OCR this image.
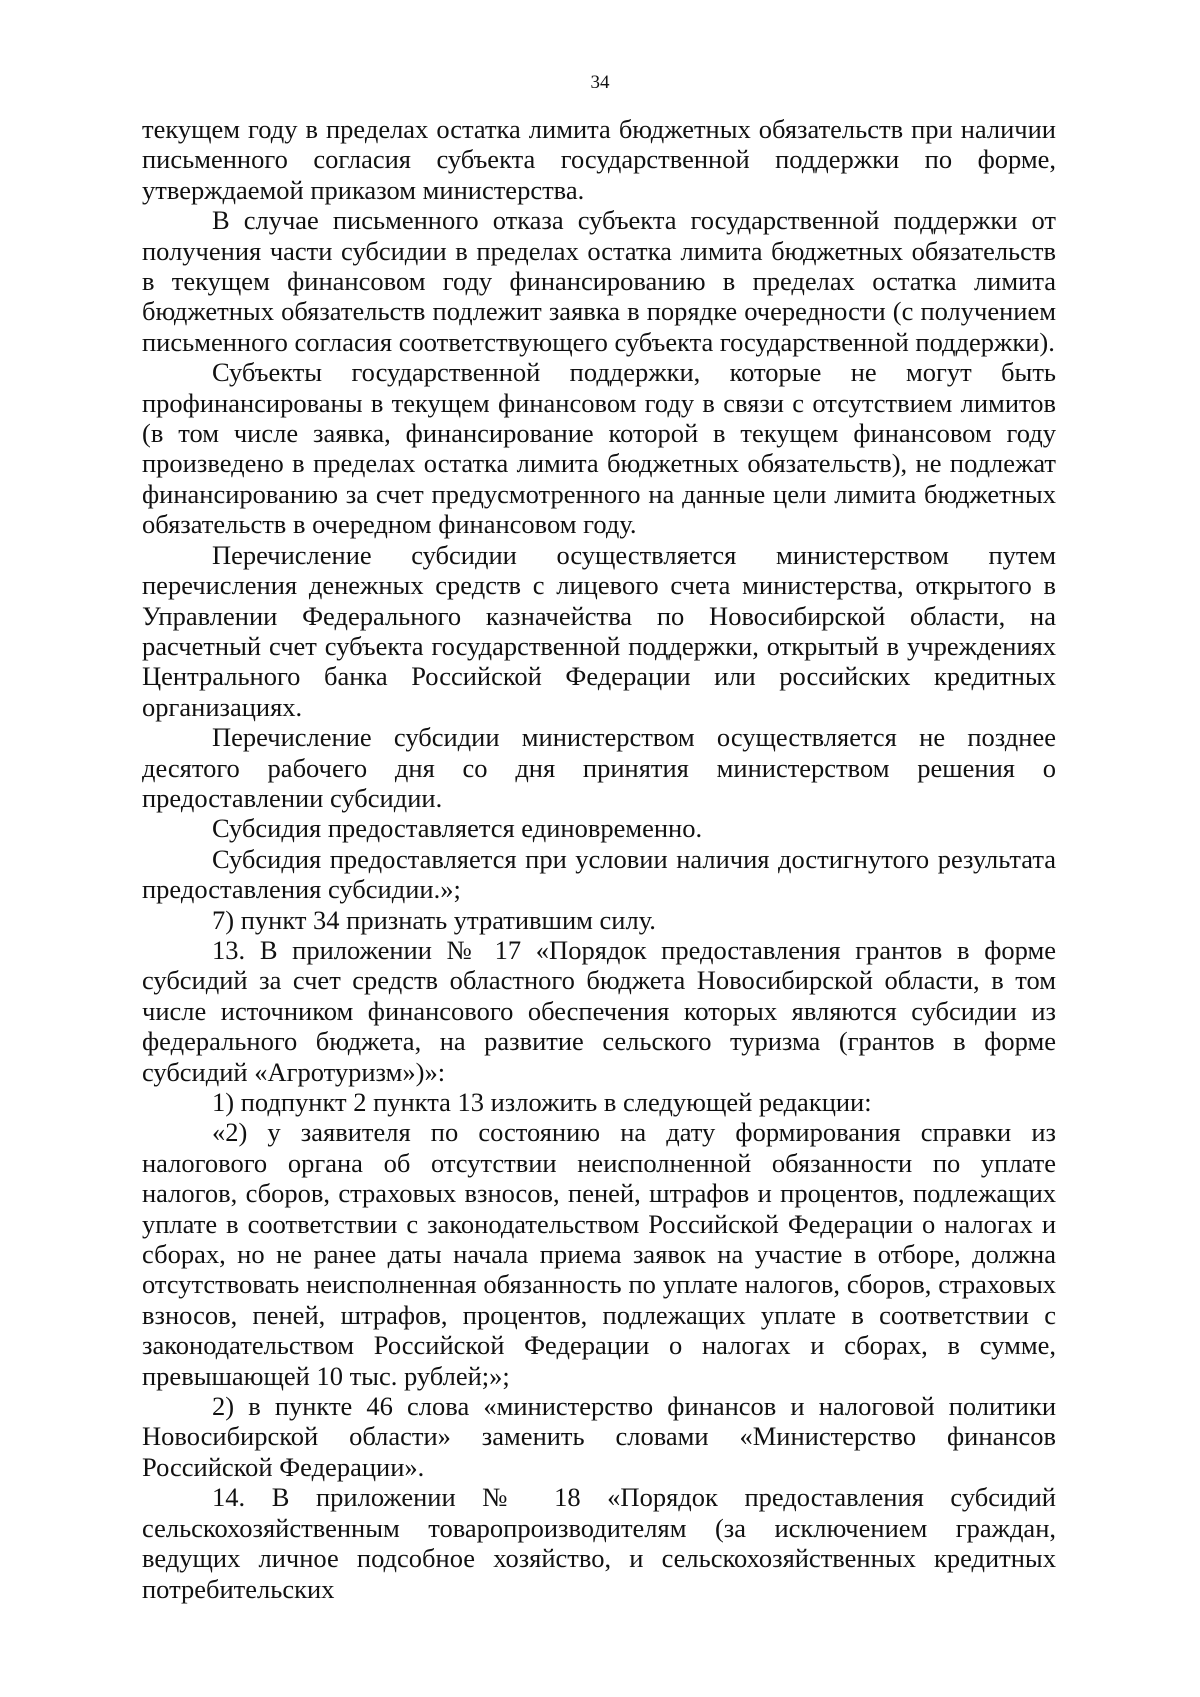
34

текущем году в пределах остатка лимита бюджетных обязательств при наличии письменного согласия субъекта государственной поддержки по форме, утверждаемой приказом министерства.

В случае письменного отказа субъекта государственной поддержки от получения части субсидии в пределах остатка лимита бюджетных обязательств в текущем финансовом году финансированию в пределах остатка лимита бюджетных обязательств подлежит заявка в порядке очередности (с получением письменного согласия соответствующего субъекта государственной поддержки).

Субъекты государственной поддержки, которые не могут быть профинансированы в текущем финансовом году в связи с отсутствием лимитов (в том числе заявка, финансирование которой в текущем финансовом году произведено в пределах остатка лимита бюджетных обязательств), не подлежат финансированию за счет предусмотренного на данные цели лимита бюджетных обязательств в очередном финансовом году.

Перечисление субсидии осуществляется министерством путем перечисления денежных средств с лицевого счета министерства, открытого в Управлении Федерального казначейства по Новосибирской области, на расчетный счет субъекта государственной поддержки, открытый в учреждениях Центрального банка Российской Федерации или российских кредитных организациях.

Перечисление субсидии министерством осуществляется не позднее десятого рабочего дня со дня принятия министерством решения о предоставлении субсидии.

Субсидия предоставляется единовременно.

Субсидия предоставляется при условии наличия достигнутого результата предоставления субсидии.»;

7) пункт 34 признать утратившим силу.

13. В приложении № 17 «Порядок предоставления грантов в форме субсидий за счет средств областного бюджета Новосибирской области, в том числе источником финансового обеспечения которых являются субсидии из федерального бюджета, на развитие сельского туризма (грантов в форме субсидий «Агротуризм»)»:

1) подпункт 2 пункта 13 изложить в следующей редакции:

«2) у заявителя по состоянию на дату формирования справки из налогового органа об отсутствии неисполненной обязанности по уплате налогов, сборов, страховых взносов, пеней, штрафов и процентов, подлежащих уплате в соответствии с законодательством Российской Федерации о налогах и сборах, но не ранее даты начала приема заявок на участие в отборе, должна отсутствовать неисполненная обязанность по уплате налогов, сборов, страховых взносов, пеней, штрафов, процентов, подлежащих уплате в соответствии с законодательством Российской Федерации о налогах и сборах, в сумме, превышающей 10 тыс. рублей;»;

2) в пункте 46 слова «министерство финансов и налоговой политики Новосибирской области» заменить словами «Министерство финансов Российской Федерации».

14. В приложении № 18 «Порядок предоставления субсидий сельскохозяйственным товаропроизводителям (за исключением граждан, ведущих личное подсобное хозяйство, и сельскохозяйственных кредитных потребительских
